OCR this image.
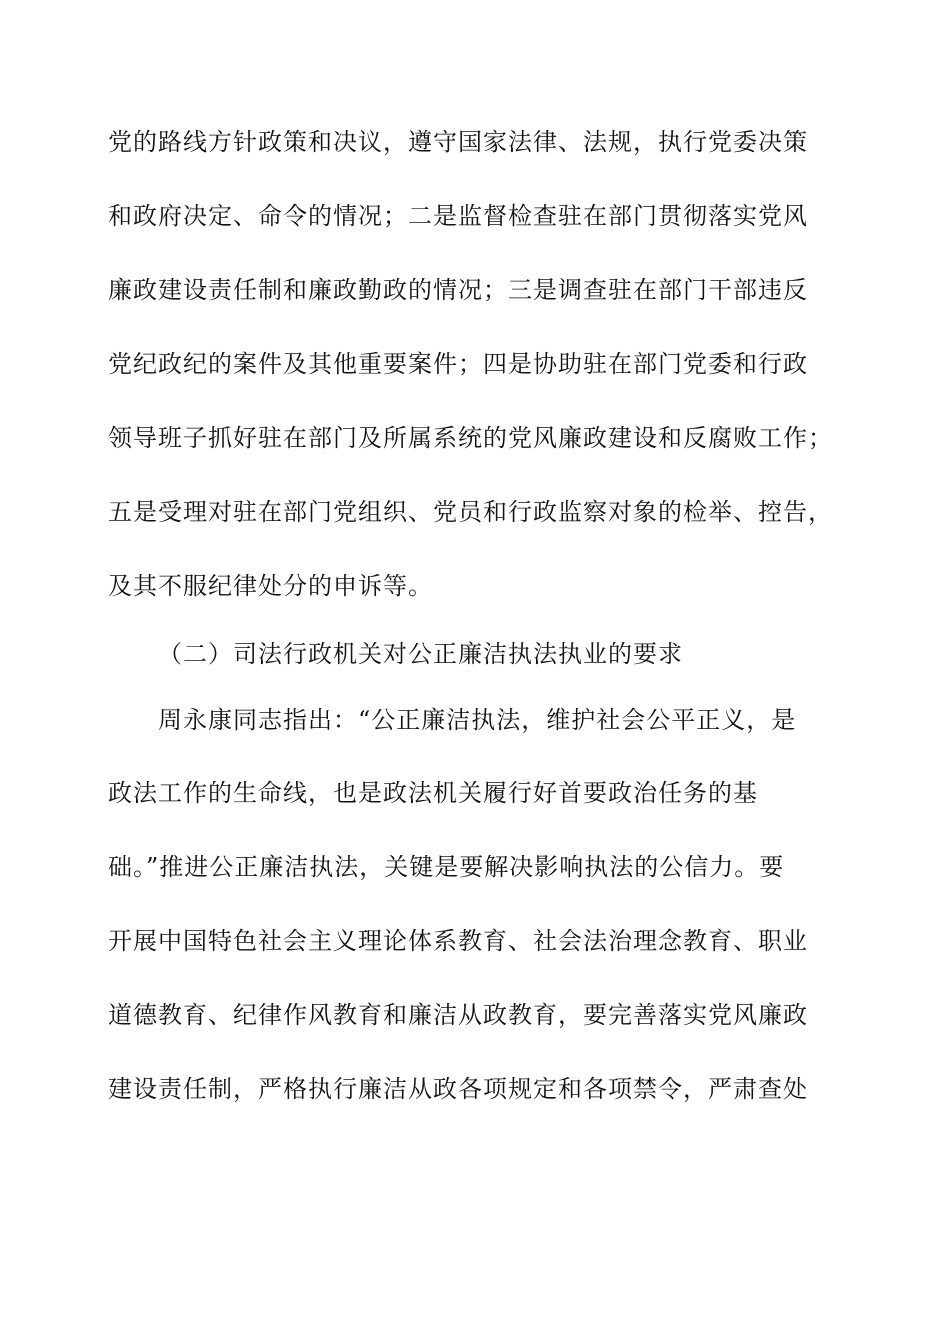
党的路线方针政策和决议，遵守国家法律、法规，执行党委决策
和政府决定、命令的情况；二是监督检查驻在部门贯彻落实党风
廉政建设责任制和廉政勤政的情况；三是调查驻在部门干部违反
党纪政纪的案件及其他重要案件；四是协助驻在部门党委和行政
领导班子抓好驻在部门及所属系统的党风廉政建设和反腐败工作；
五是受理对驻在部门党组织、党员和行政监察对象的检举、控告，
及其不服纪律处分的申诉等。
（二）司法行政机关对公正廉洁执法执业的要求
周永康同志指出：“公正廉洁执法，维护社会公平正义，是
政法工作的生命线，也是政法机关履行好首要政治任务的基
础。”推进公正廉洁执法，关键是要解决影响执法的公信力。要
开展中国特色社会主义理论体系教育、社会法治理念教育、职业
道德教育、纪律作风教育和廉洁从政教育，要完善落实党风廉政
建设责任制，严格执行廉洁从政各项规定和各项禁令，严肃查处
